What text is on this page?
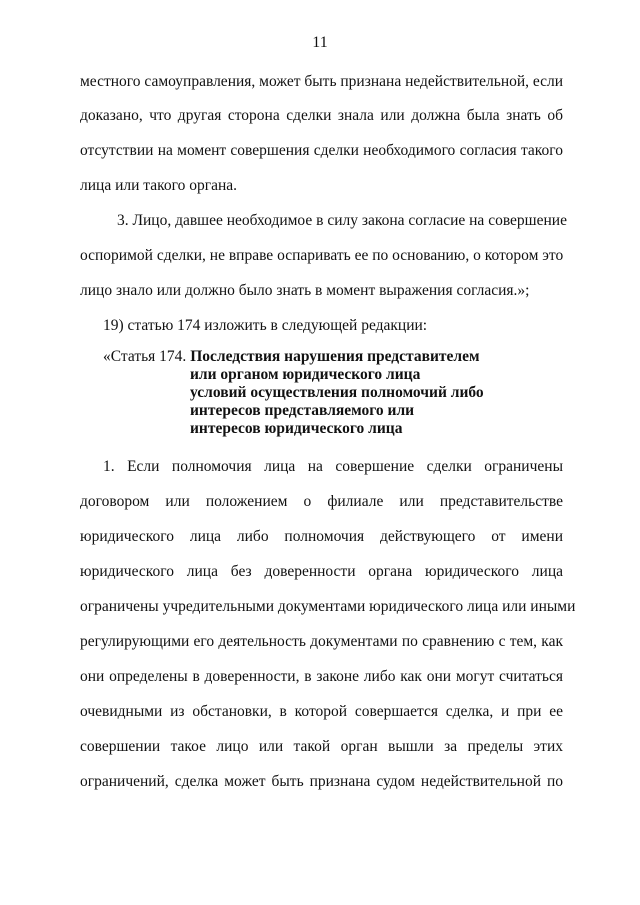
11
местного самоуправления, может быть признана недействительной, если
доказано, что другая сторона сделки знала или должна была знать об
отсутствии на момент совершения сделки необходимого согласия такого
лица или такого органа.
3. Лицо, давшее необходимое в силу закона согласие на совершение
оспоримой сделки, не вправе оспаривать ее по основанию, о котором это
лицо знало или должно было знать в момент выражения согласия.»;
19) статью 174 изложить в следующей редакции:
«Статья 174. Последствия нарушения представителем
или органом юридического лица
условий осуществления полномочий либо
интересов представляемого или
интересов юридического лица
1. Если полномочия лица на совершение сделки ограничены
договором или положением о филиале или представительстве
юридического лица либо полномочия действующего от имени
юридического лица без доверенности органа юридического лица
ограничены учредительными документами юридического лица или иными
регулирующими его деятельность документами по сравнению с тем, как
они определены в доверенности, в законе либо как они могут считаться
очевидными из обстановки, в которой совершается сделка, и при ее
совершении такое лицо или такой орган вышли за пределы этих
ограничений, сделка может быть признана судом недействительной по
